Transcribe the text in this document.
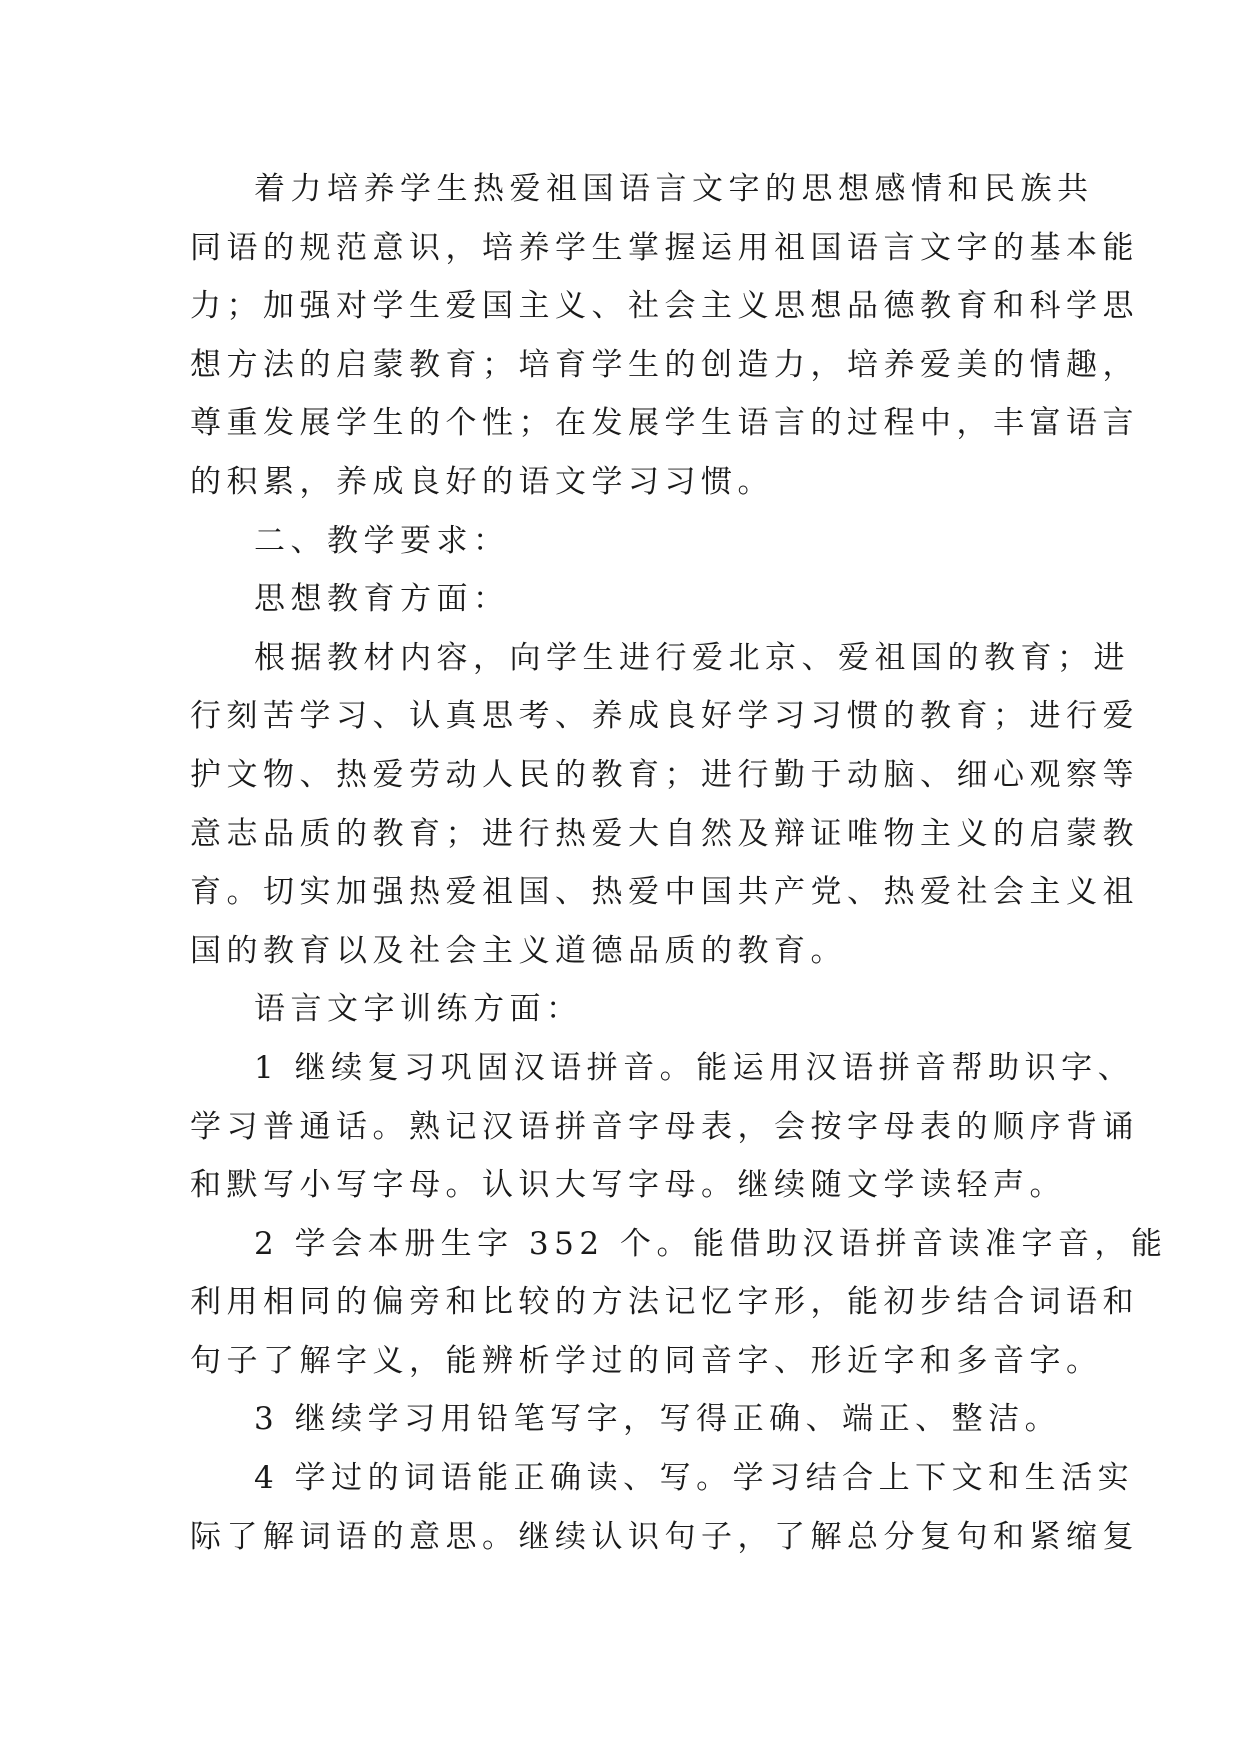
着力培养学生热爱祖国语言文字的思想感情和民族共
同语的规范意识，培养学生掌握运用祖国语言文字的基本能
力；加强对学生爱国主义、社会主义思想品德教育和科学思
想方法的启蒙教育；培育学生的创造力，培养爱美的情趣，
尊重发展学生的个性；在发展学生语言的过程中，丰富语言
的积累，养成良好的语文学习习惯。
二、教学要求：
思想教育方面：
根据教材内容，向学生进行爱北京、爱祖国的教育；进
行刻苦学习、认真思考、养成良好学习习惯的教育；进行爱
护文物、热爱劳动人民的教育；进行勤于动脑、细心观察等
意志品质的教育；进行热爱大自然及辩证唯物主义的启蒙教
育。切实加强热爱祖国、热爱中国共产党、热爱社会主义祖
国的教育以及社会主义道德品质的教育。
语言文字训练方面：
1 继续复习巩固汉语拼音。能运用汉语拼音帮助识字、
学习普通话。熟记汉语拼音字母表，会按字母表的顺序背诵
和默写小写字母。认识大写字母。继续随文学读轻声。
2 学会本册生字 352 个。能借助汉语拼音读准字音，能
利用相同的偏旁和比较的方法记忆字形，能初步结合词语和
句子了解字义，能辨析学过的同音字、形近字和多音字。
3 继续学习用铅笔写字，写得正确、端正、整洁。
4 学过的词语能正确读、写。学习结合上下文和生活实
际了解词语的意思。继续认识句子，了解总分复句和紧缩复
